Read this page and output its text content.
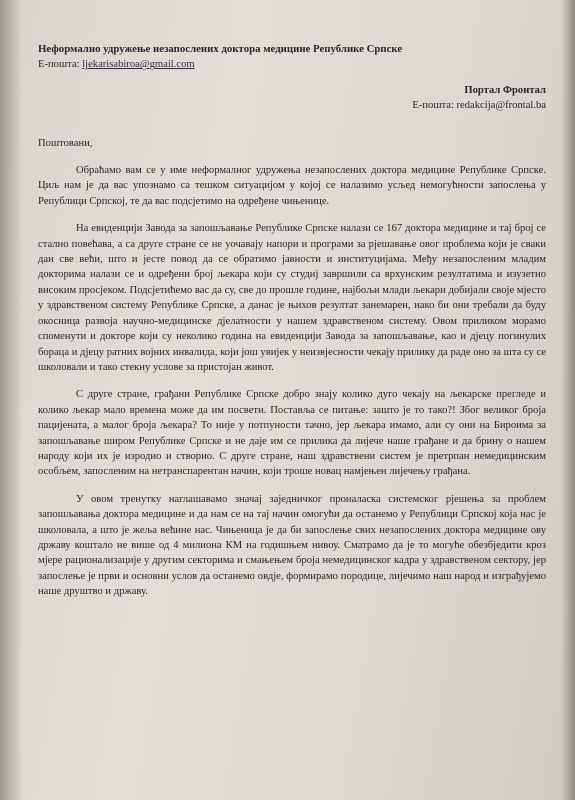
Неформално удружење незапослених доктора медицине Републике Српске
Е-пошта: ljekarisabiroa@gmail.com
Портал Фронтал
Е-пошта: redakcija@frontal.ba
Поштовани,

Обраћамо вам се у име неформалног удружења незапослених доктора медицине Републике Српске. Циљ нам је да вас упознамо са тешком ситуацијом у којој се налазимо усљед немогућности запослења у Републици Српској, те да вас подсјетимо на одређене чињенице.

На евиденцији Завода за запошљавање Републике Српске налази се 167 доктора медицине и тај број се стално повећава, а са друге стране се не уочавају напори и програми за рјешавање овог проблема који је сваки дан све већи, што и јесте повод да се обратимо јавности и институцијама. Међу незапосленим младим докторима налази се и одређени број љекара који су студиј завршили са врхунским резултатима и изузетно високим просјеком. Подсјетићемо вас да су, све до прошле године, најбољи млади љекари добијали своје мјесто у здравственом систему Републике Српске, а данас је њихов резултат занемарен, иако би они требали да буду окосница развоја научно-медицинске дјелатности у нашем здравственом систему. Овом приликом морамо споменути и докторе који су неколико година на евиденцији Завода за запошљавање, као и дјецу погинулих бораца и дјецу ратних војних инвалида, који још увијек у неизвјесности чекају прилику да раде оно за шта су се школовали и тако стекну услове за пристојан живот.

С друге стране, грађани Републике Српске добро знају колико дуго чекају на љекарске прегледе и колико љекар мало времена може да им посвети. Поставља се питање: зашто је то тако?! Због великог броја пацијената, а малог броја љекара? То није у потпуности тачно, јер љекара имамо, али су они на Бироима за запошљавање широм Републике Српске и не даје им се прилика да лијече наше грађане и да брину о нашем народу који их је изродио и створио. С друге стране, наш здравствени систем је претрпан немедицинским особљем, запосленим на нетранспарентан начин, који троше новац намјењен лијечењу грађана.

У овом тренутку наглашавамо значај заједничког проналаска системског рјешења за проблем запошљавања доктора медицине и да нам се на тај начин омогући да останемо у Републици Српској која нас је школовала, а што је жеља већине нас. Чињеница је да би запослење свих незапослених доктора медицине ову државу коштало не више од 4 милиона КМ на годишњем нивоу. Сматрамо да је то могуће обезбједити кроз мјере рационализације у другим секторима и смањењем броја немедицинског кадра у здравственом сектору, јер запослење је први и основни услов да останемо овдје, формирамо породице, лијечимо наш народ и изграђујемо наше друштво и државу.
